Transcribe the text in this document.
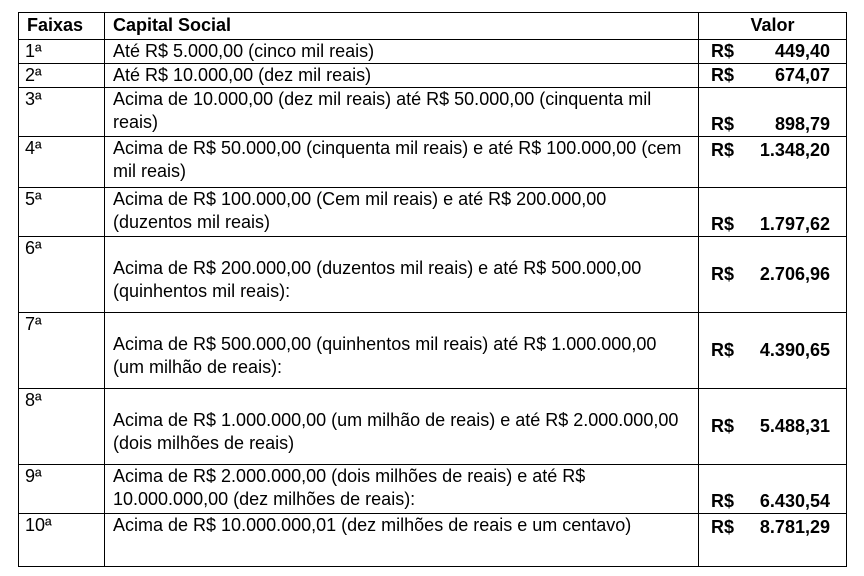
Faixas	Capital Social	Valor
1ª	Até R$ 5.000,00 (cinco mil reais)	R$ 449,40
2ª	Até R$ 10.000,00 (dez mil reais)	R$ 674,07
3ª	Acima de 10.000,00 (dez mil reais) até R$ 50.000,00 (cinquenta mil reais)	R$ 898,79
4ª	Acima de R$ 50.000,00 (cinquenta mil reais) e até R$ 100.000,00 (cem mil reais)	R$ 1.348,20
5ª	Acima de R$ 100.000,00 (Cem mil reais) e até R$ 200.000,00 (duzentos mil reais)	R$ 1.797,62
6ª	Acima de R$ 200.000,00 (duzentos mil reais) e até R$ 500.000,00 (quinhentos mil reais):	R$ 2.706,96
7ª	Acima de R$ 500.000,00 (quinhentos mil reais) até R$ 1.000.000,00 (um milhão de reais):	R$ 4.390,65
8ª	Acima de R$ 1.000.000,00 (um milhão de reais) e até R$ 2.000.000,00 (dois milhões de reais)	R$ 5.488,31
9ª	Acima de R$ 2.000.000,00 (dois milhões de reais) e até R$ 10.000.000,00 (dez milhões de reais):	R$ 6.430,54
10ª	Acima de R$ 10.000.000,01 (dez milhões de reais e um centavo)	R$ 8.781,29
